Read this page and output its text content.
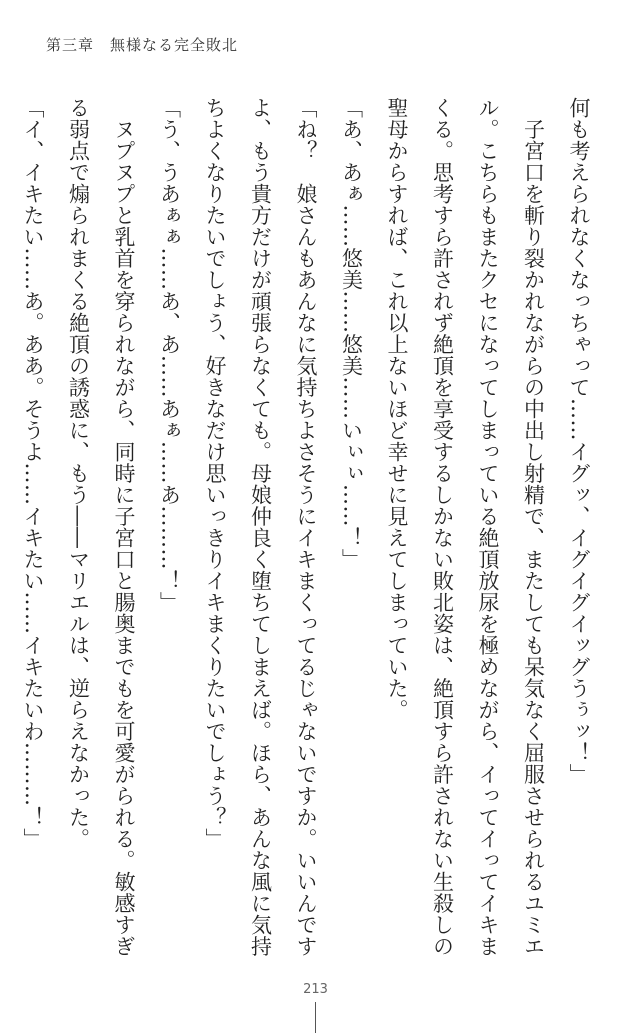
第三章　無様なる完全敗北
何も考えられなくなっちゃって……イグッ、イグイグイッグうぅッ！」
　子宮口を斬り裂かれながらの中出し射精で、またしても呆気なく屈服させられるユミエ
ル。こちらもまたクセになってしまっている絶頂放尿を極めながら、イってイってイキま
くる。思考すら許されず絶頂を享受するしかない敗北姿は、絶頂すら許されない生殺しの
聖母からすれば、これ以上ないほど幸せに見えてしまっていた。
「あ、あぁ……悠美……悠美……いぃぃ……！」
「ね？　娘さんもあんなに気持ちよさそうにイキまくってるじゃないですか。いいんです
よ、もう貴方だけが頑張らなくても。母娘仲良く堕ちてしまえば。ほら、あんな風に気持
ちよくなりたいでしょう、好きなだけ思いっきりイキまくりたいでしょう？」
「う、うあぁぁ……あ、あ……あぁ……あ………！」
　ヌプヌプと乳首を穿られながら、同時に子宮口と腸奥までもを可愛がられる。敏感すぎ
る弱点で煽られまくる絶頂の誘惑に、もう――マリエルは、逆らえなかった。
「イ、イキたい……あ。ああ。そうよ……イキたい……イキたいわ………！」
213
